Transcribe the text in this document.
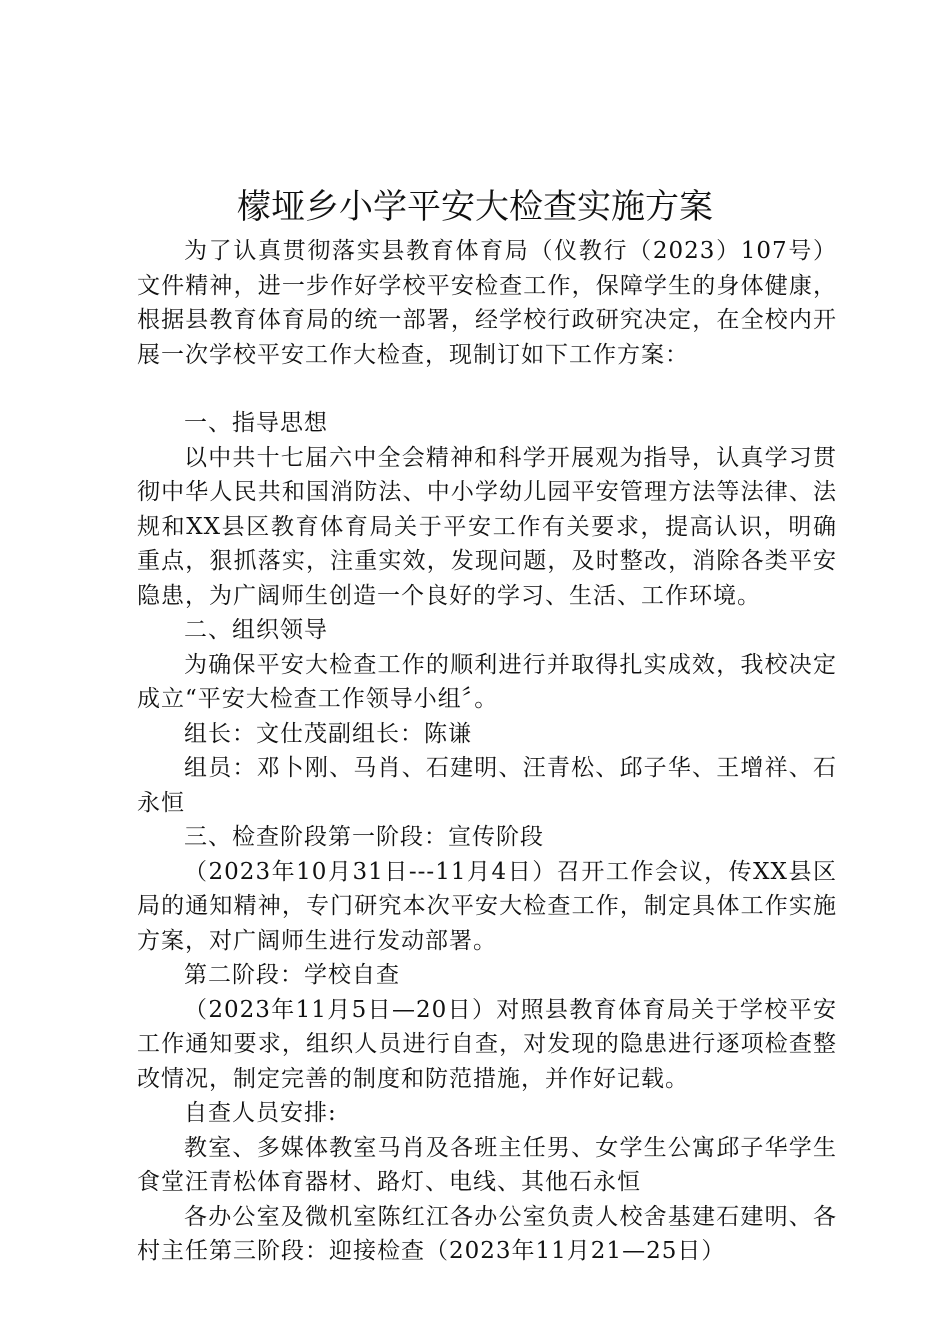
檬垭乡小学平安大检查实施方案

为了认真贯彻落实县教育体育局（仪教行（2023）107号）文件精神，进一步作好学校平安检查工作，保障学生的身体健康，根据县教育体育局的统一部署，经学校行政研究决定，在全校内开展一次学校平安工作大检查，现制订如下工作方案：

一、指导思想

以中共十七届六中全会精神和科学开展观为指导，认真学习贯彻中华人民共和国消防法、中小学幼儿园平安管理方法等法律、法规和XX县区教育体育局关于平安工作有关要求，提高认识，明确重点，狠抓落实，注重实效，发现问题，及时整改，消除各类平安隐患，为广阔师生创造一个良好的学习、生活、工作环境。

二、组织领导

为确保平安大检查工作的顺利进行并取得扎实成效，我校决定成立“平安大检查工作领导小组〞。

组长：文仕茂副组长：陈谦

组员：邓卜刚、马肖、石建明、汪青松、邱子华、王增祥、石永恒

三、检查阶段第一阶段：宣传阶段

（2023年10月31日---11月4日）召开工作会议，传XX县区局的通知精神，专门研究本次平安大检查工作，制定具体工作实施方案，对广阔师生进行发动部署。

第二阶段：学校自查

（2023年11月5日—20日）对照县教育体育局关于学校平安工作通知要求，组织人员进行自查，对发现的隐患进行逐项检查整改情况，制定完善的制度和防范措施，并作好记载。

自查人员安排:

教室、多媒体教室马肖及各班主任男、女学生公寓邱子华学生食堂汪青松体育器材、路灯、电线、其他石永恒

各办公室及微机室陈红江各办公室负责人校舍基建石建明、各村主任第三阶段：迎接检查（2023年11月21—25日）
